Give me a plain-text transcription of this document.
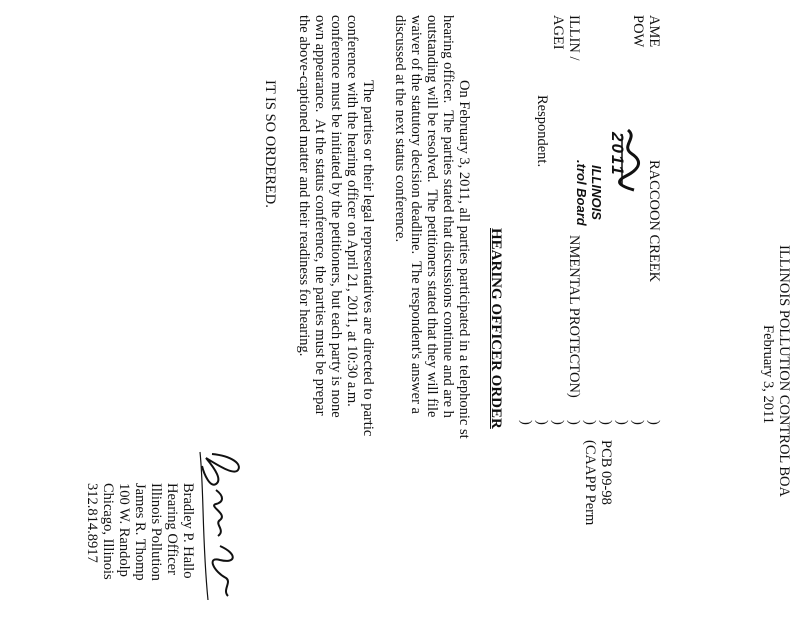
ILLINOIS POLLUTION CONTROL BOA
February 3, 2011
AME
POW
ILLIN /
AGEI
RACCOON CREEK
NMENTAL PROTECTON)
Respondent.
)
)
)
)
)
)
)
)
)
PCB 09-98
(CAAPP Perm
2011
ILLINOIS
.trol Board
HEARING OFFICER ORDER
On February 3, 2011, all parties participated in a telephonic st
hearing officer.  The parties stated that discussions continue and are h
outstanding will be resolved.  The petitioners stated that they will file
waiver of the statutory decision deadline.  The respondent's answer a
discussed at the next status conference.
The parties or their legal representatives are directed to partic
conference with the hearing officer on April 21, 2011, at 10:30 a.m.
conference must be initiated by the petitioners, but each party is none
own appearance.  At the status conference, the parties must be prepar
the above-captioned matter and their readiness for hearing.
IT IS SO ORDERED.
Bradley P. Hallo
Hearing Officer
Illinois Pollution
James R. Thomp
100 W. Randolp
Chicago, Illinois
312.814.8917
